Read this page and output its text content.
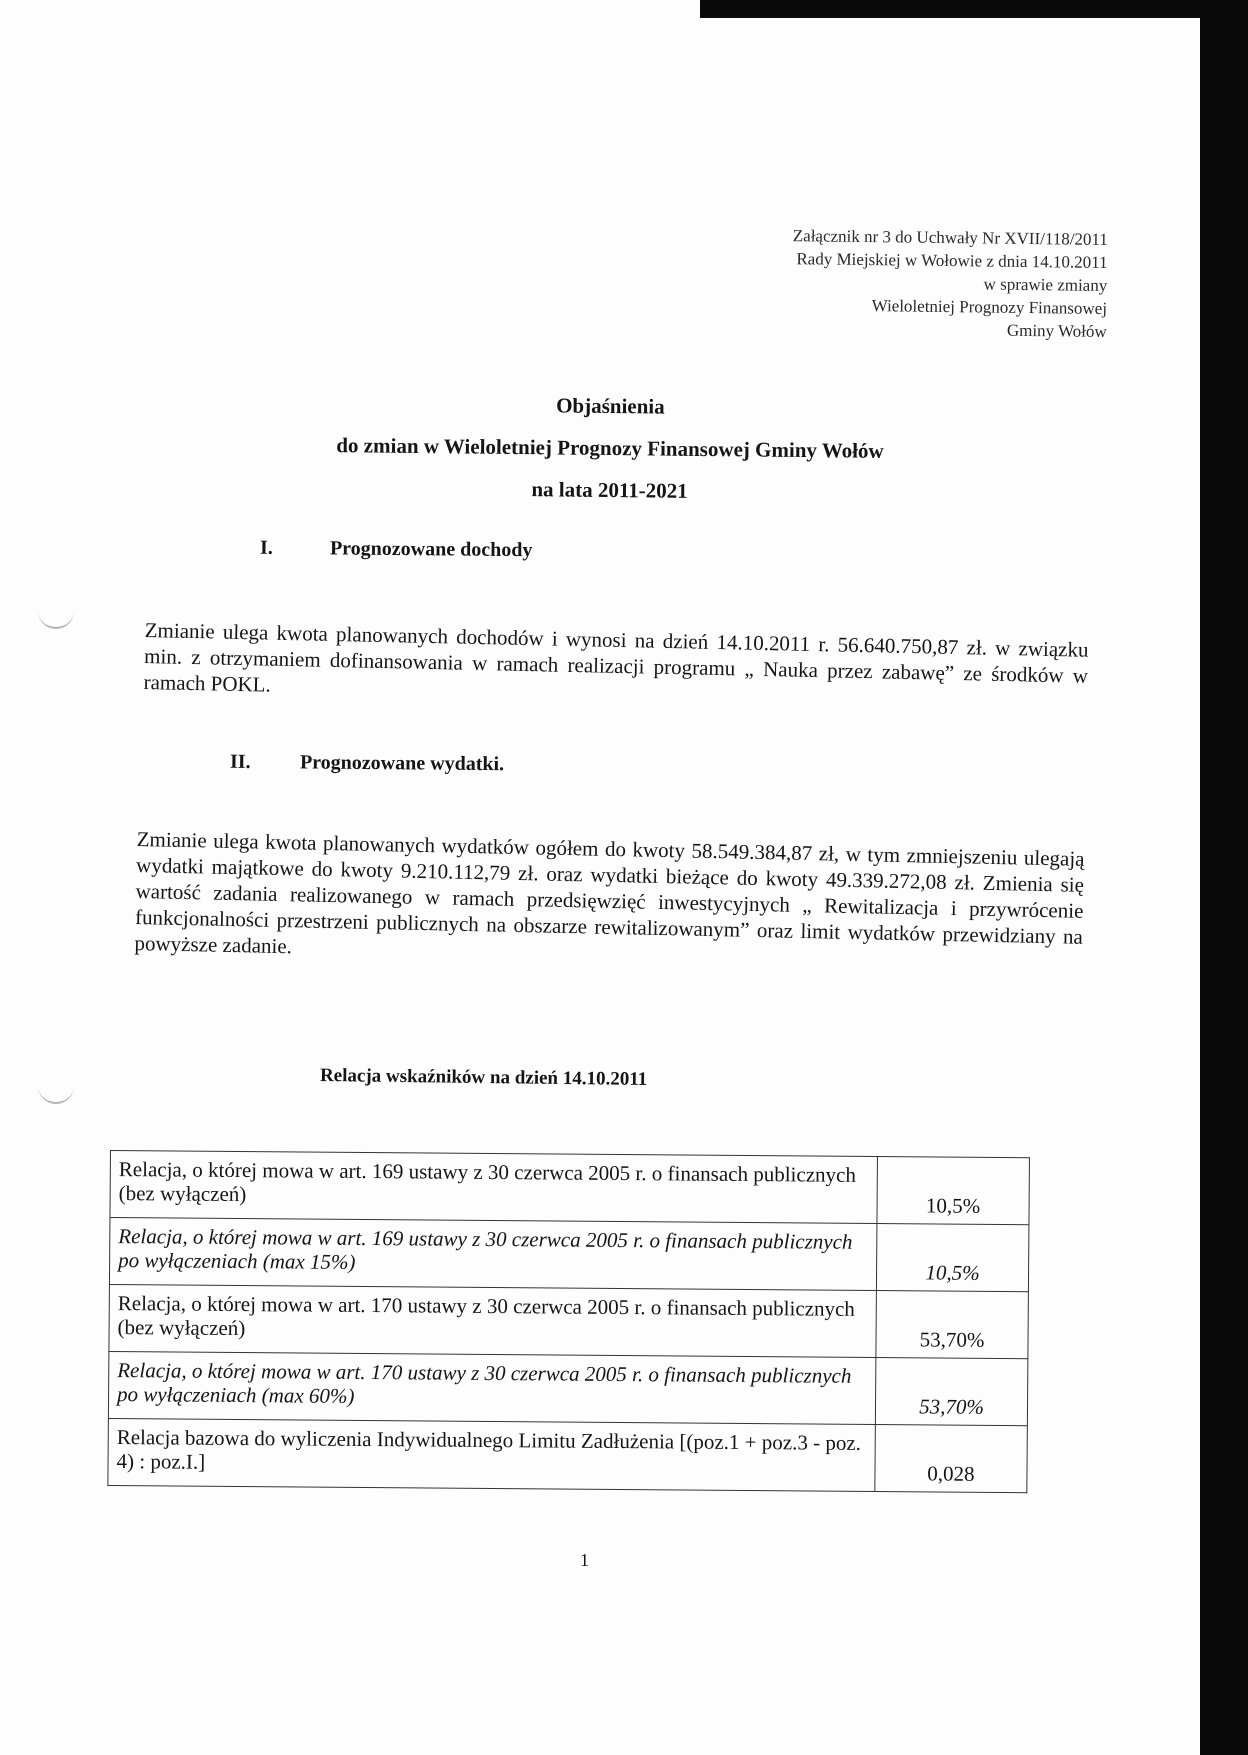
Załącznik nr 3 do Uchwały Nr XVII/118/2011
Rady Miejskiej w Wołowie z dnia 14.10.2011
w sprawie zmiany
Wieloletniej Prognozy Finansowej
Gminy Wołów
Objaśnienia
do zmian w Wieloletniej Prognozy Finansowej Gminy Wołów
na lata 2011-2021
I.	Prognozowane dochody
Zmianie ulega kwota planowanych dochodów i wynosi na dzień 14.10.2011 r. 56.640.750,87 zł. w związku min. z otrzymaniem dofinansowania w ramach realizacji programu „ Nauka przez zabawę” ze środków w ramach POKL.
II. Prognozowane wydatki.
Zmianie ulega kwota planowanych wydatków ogółem do kwoty 58.549.384,87 zł, w tym zmniejszeniu ulegają wydatki majątkowe do kwoty 9.210.112,79 zł. oraz wydatki bieżące do kwoty 49.339.272,08 zł. Zmienia się wartość zadania realizowanego w ramach przedsięwzięć inwestycyjnych „ Rewitalizacja i przywrócenie funkcjonalności przestrzeni publicznych na obszarze rewitalizowanym” oraz limit wydatków przewidziany na powyższe zadanie.
Relacja wskaźników na dzień 14.10.2011
Relacja, o której mowa w art. 169 ustawy z 30 czerwca 2005 r. o finansach publicznych (bez wyłączeń)	10,5%
Relacja, o której mowa w art. 169 ustawy z 30 czerwca 2005 r. o finansach publicznych po wyłączeniach (max 15%)	10,5%
Relacja, o której mowa w art. 170 ustawy z 30 czerwca 2005 r. o finansach publicznych (bez wyłączeń)	53,70%
Relacja, o której mowa w art. 170 ustawy z 30 czerwca 2005 r. o finansach publicznych po wyłączeniach (max 60%)	53,70%
Relacja bazowa do wyliczenia Indywidualnego Limitu Zadłużenia [(poz.1 + poz.3 - poz. 4) : poz.I.]	0,028
1
